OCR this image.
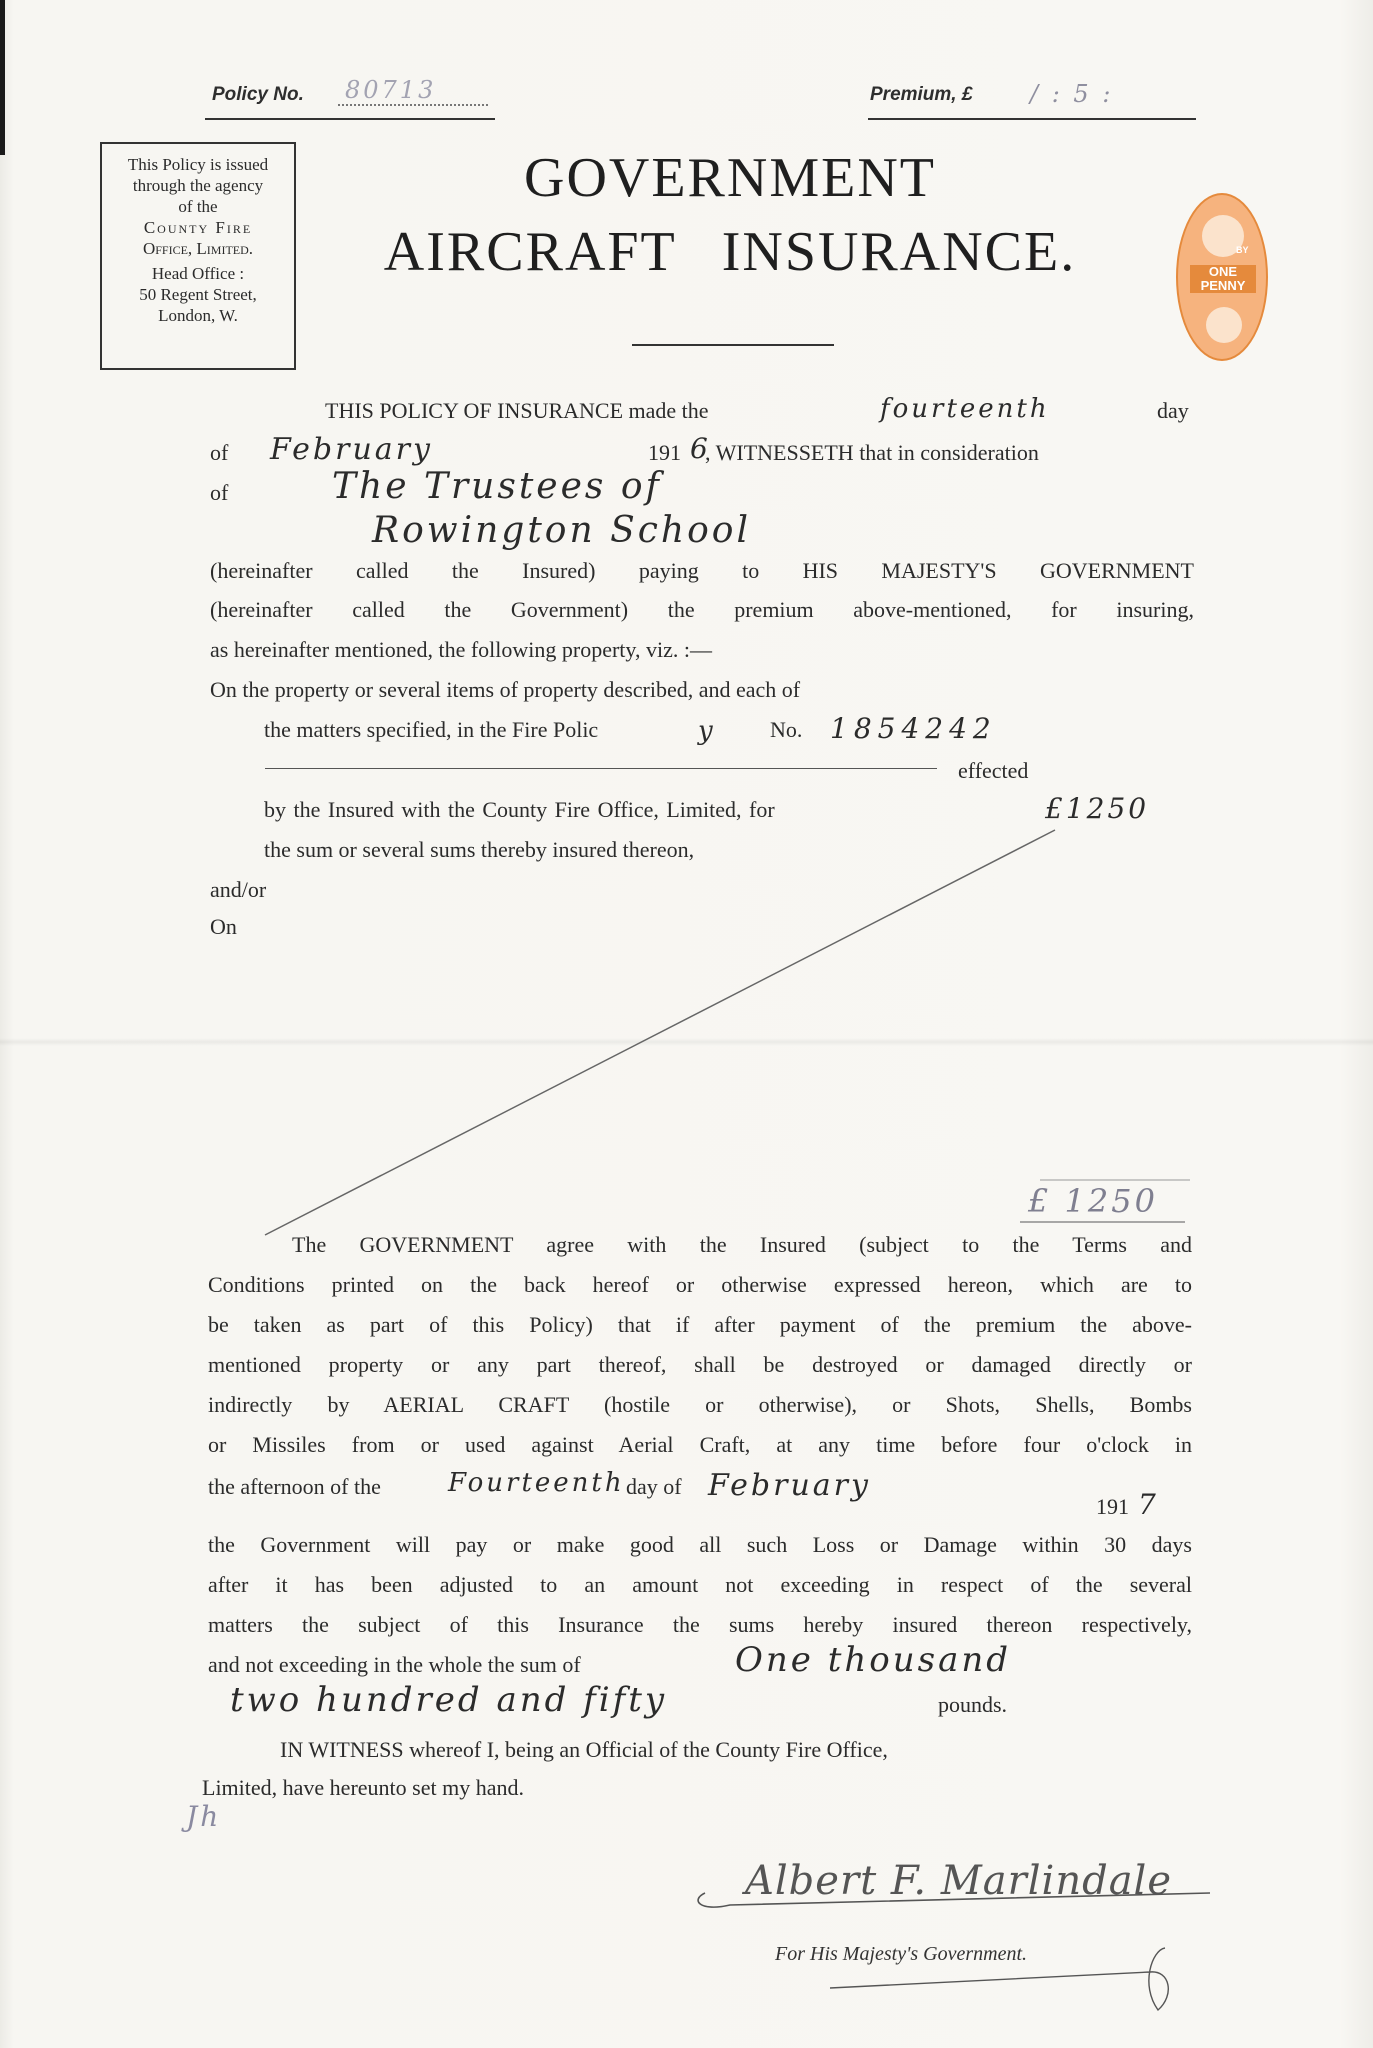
Policy No. 80713	Premium, £ / : 5 :
This Policy is issued
through the agency
of the
County Fire
Office, Limited.
Head Office :
50 Regent Street,
London, W.
GOVERNMENT
AIRCRAFT INSURANCE.	BY
ONE PENNY
THIS POLICY OF INSURANCE made the	fourteenth	day
of February	191 6
, WITNESSETH that in consideration
of	The Trustees of
Rowington School
(hereinafter called the Insured) paying to HIS MAJESTY'S GOVERNMENT
(hereinafter called the Government) the premium above-mentioned, for insuring,
as hereinafter mentioned, the following property, viz. :—
On the property or several items of property described, and each of
the matters specified, in the Fire Polic	y	No. 1854242
effected
by the Insured with the County Fire Office, Limited, for	£1250
the sum or several sums thereby insured thereon,
and/or
On
£ 1250
The GOVERNMENT agree with the Insured (subject to the Terms and
Conditions printed on the back hereof or otherwise expressed hereon, which are to
be taken as part of this Policy) that if after payment of the premium the above-
mentioned property or any part thereof, shall be destroyed or damaged directly or
indirectly by AERIAL CRAFT (hostile or otherwise), or Shots, Shells, Bombs
or Missiles from or used against Aerial Craft, at any time before four o'clock in
the afternoon of the	Fourteenth day of February
191 7
the Government will pay or make good all such Loss or Damage within 30 days
after it has been adjusted to an amount not exceeding in respect of the several
matters the subject of this Insurance the sums hereby insured thereon respectively,
and not exceeding in the whole the sum of	One thousand
two hundred and fifty	pounds.
IN WITNESS whereof I, being an Official of the County Fire Office,
Limited, have hereunto set my hand.
Jh
Albert F. Marlindale
For His Majesty's Government.
